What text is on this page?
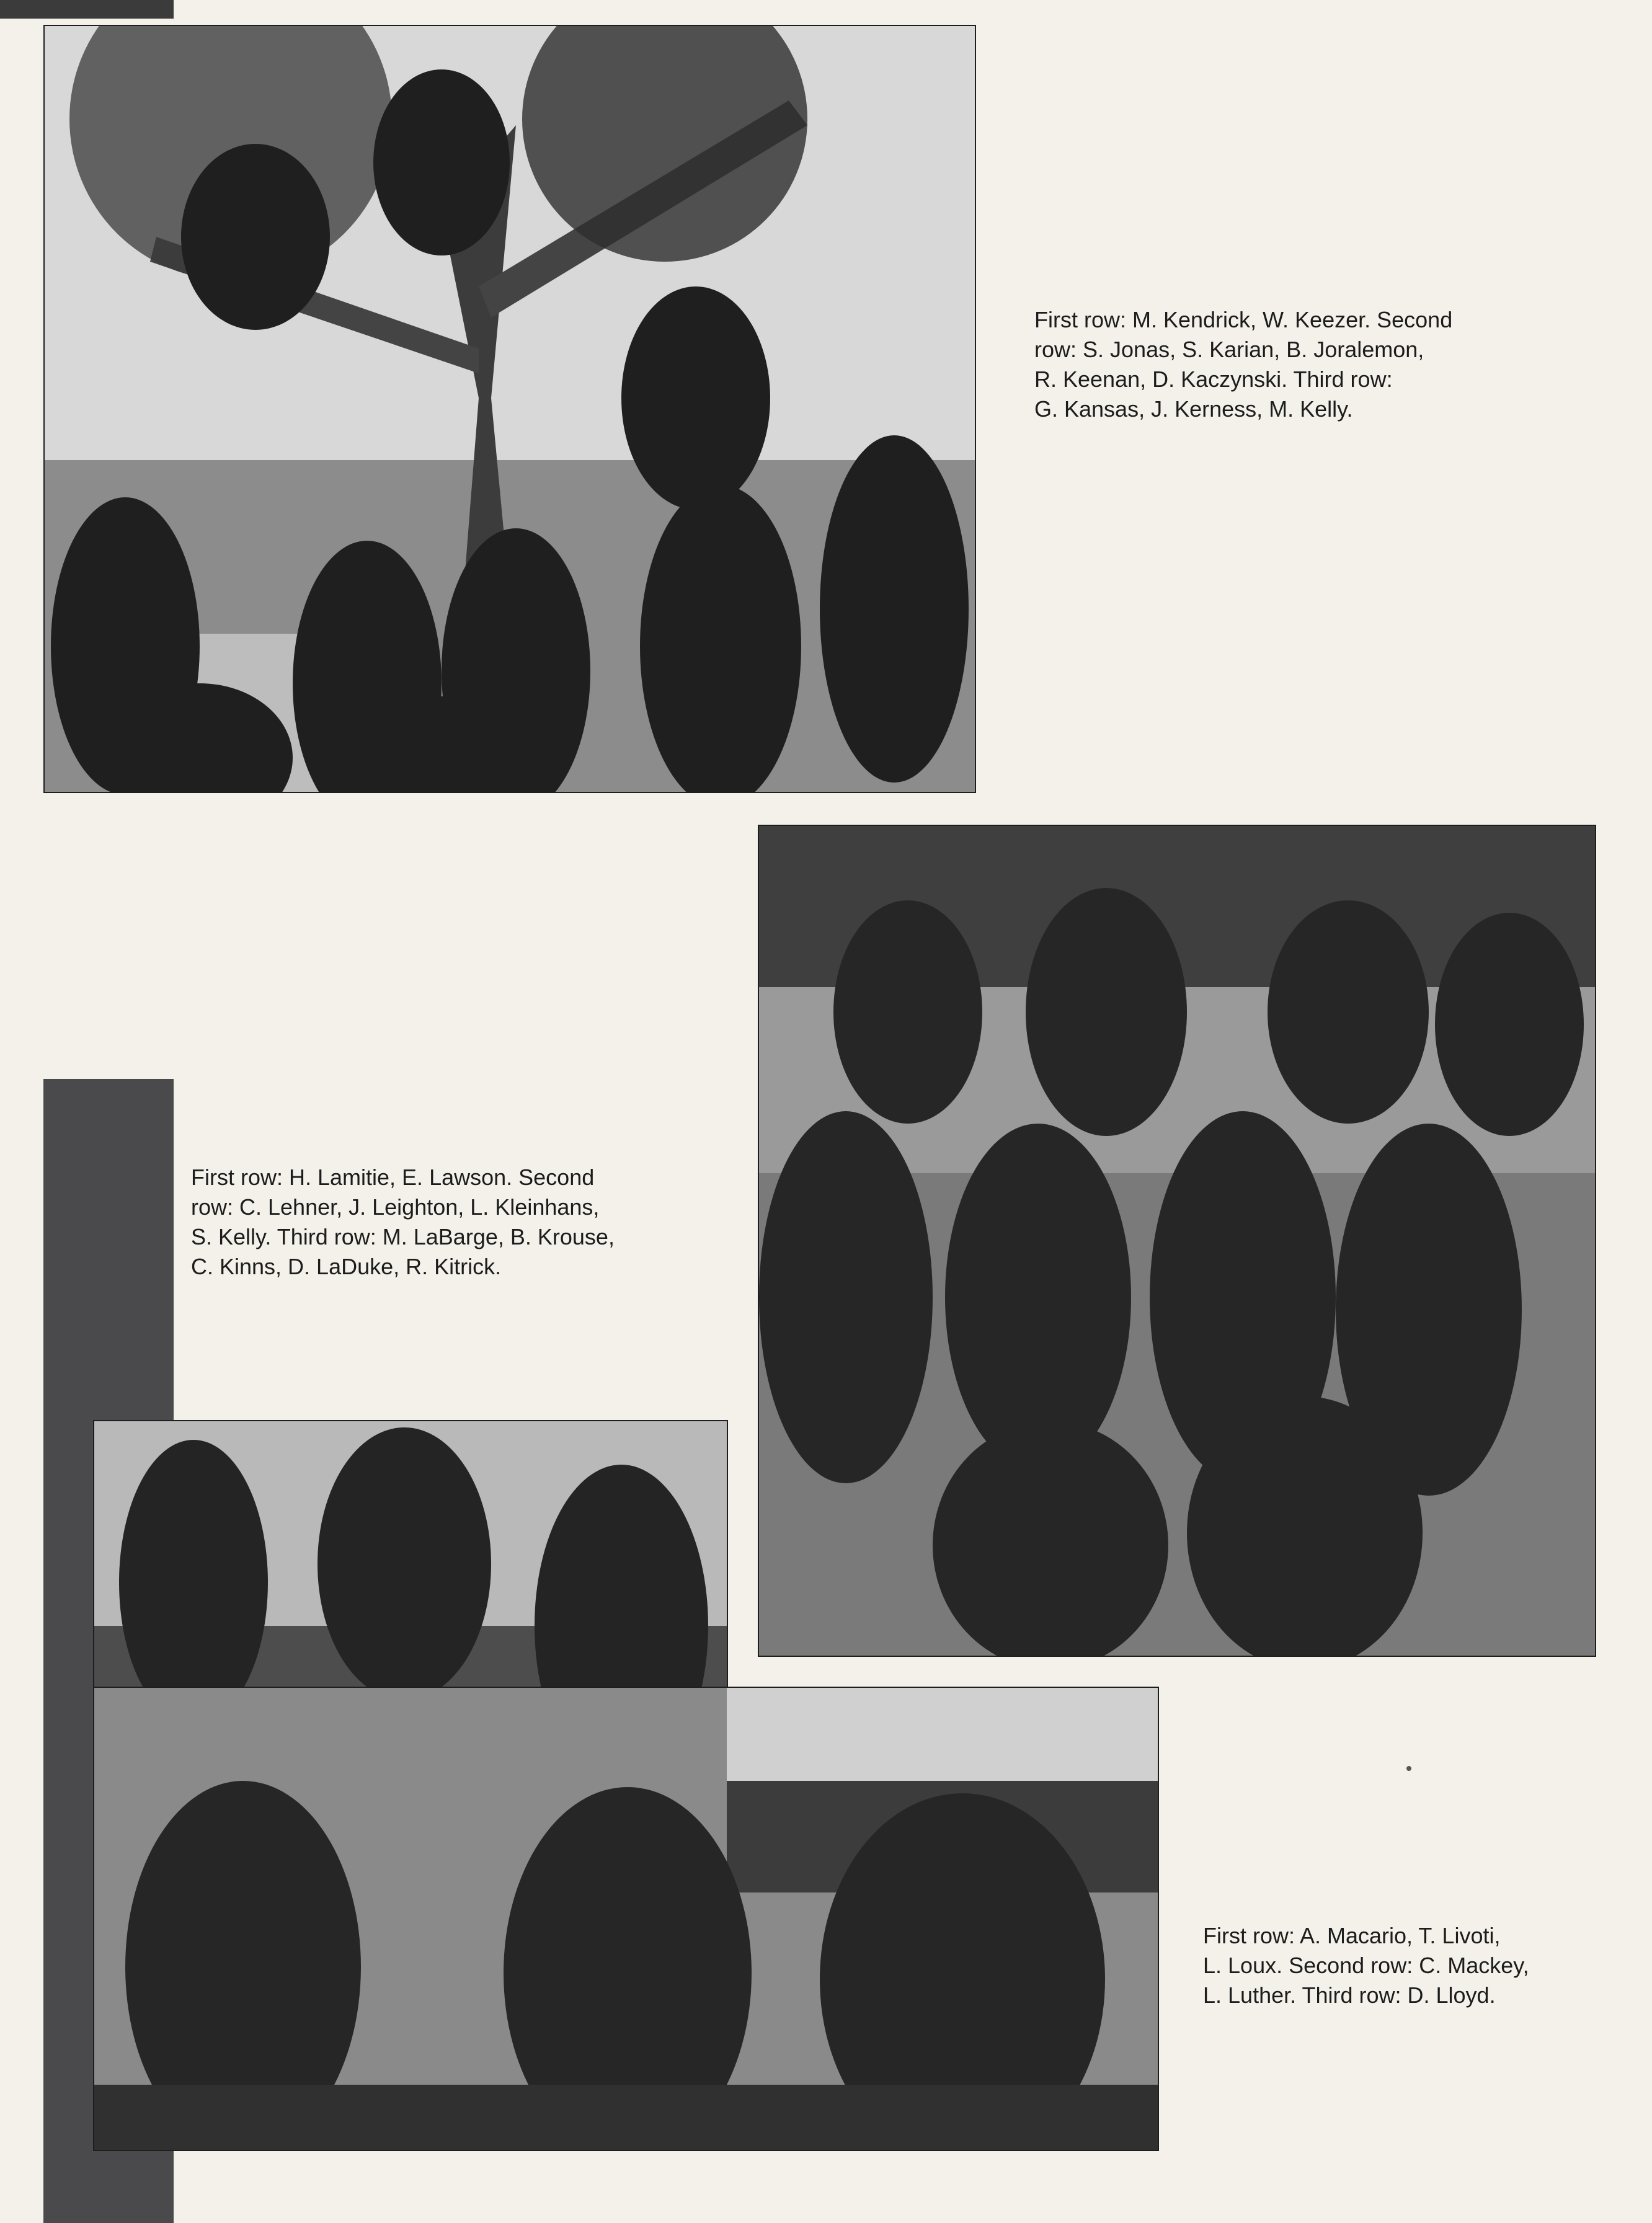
First row: M. Kendrick, W. Keezer. Second
row: S. Jonas, S. Karian, B. Joralemon,
R. Keenan, D. Kaczynski. Third row:
G. Kansas, J. Kerness, M. Kelly.
First row: H. Lamitie, E. Lawson. Second
row: C. Lehner, J. Leighton, L. Kleinhans,
S. Kelly. Third row: M. LaBarge, B. Krouse,
C. Kinns, D. LaDuke, R. Kitrick.
First row: A. Macario, T. Livoti,
L. Loux. Second row: C. Mackey,
L. Luther. Third row: D. Lloyd.
